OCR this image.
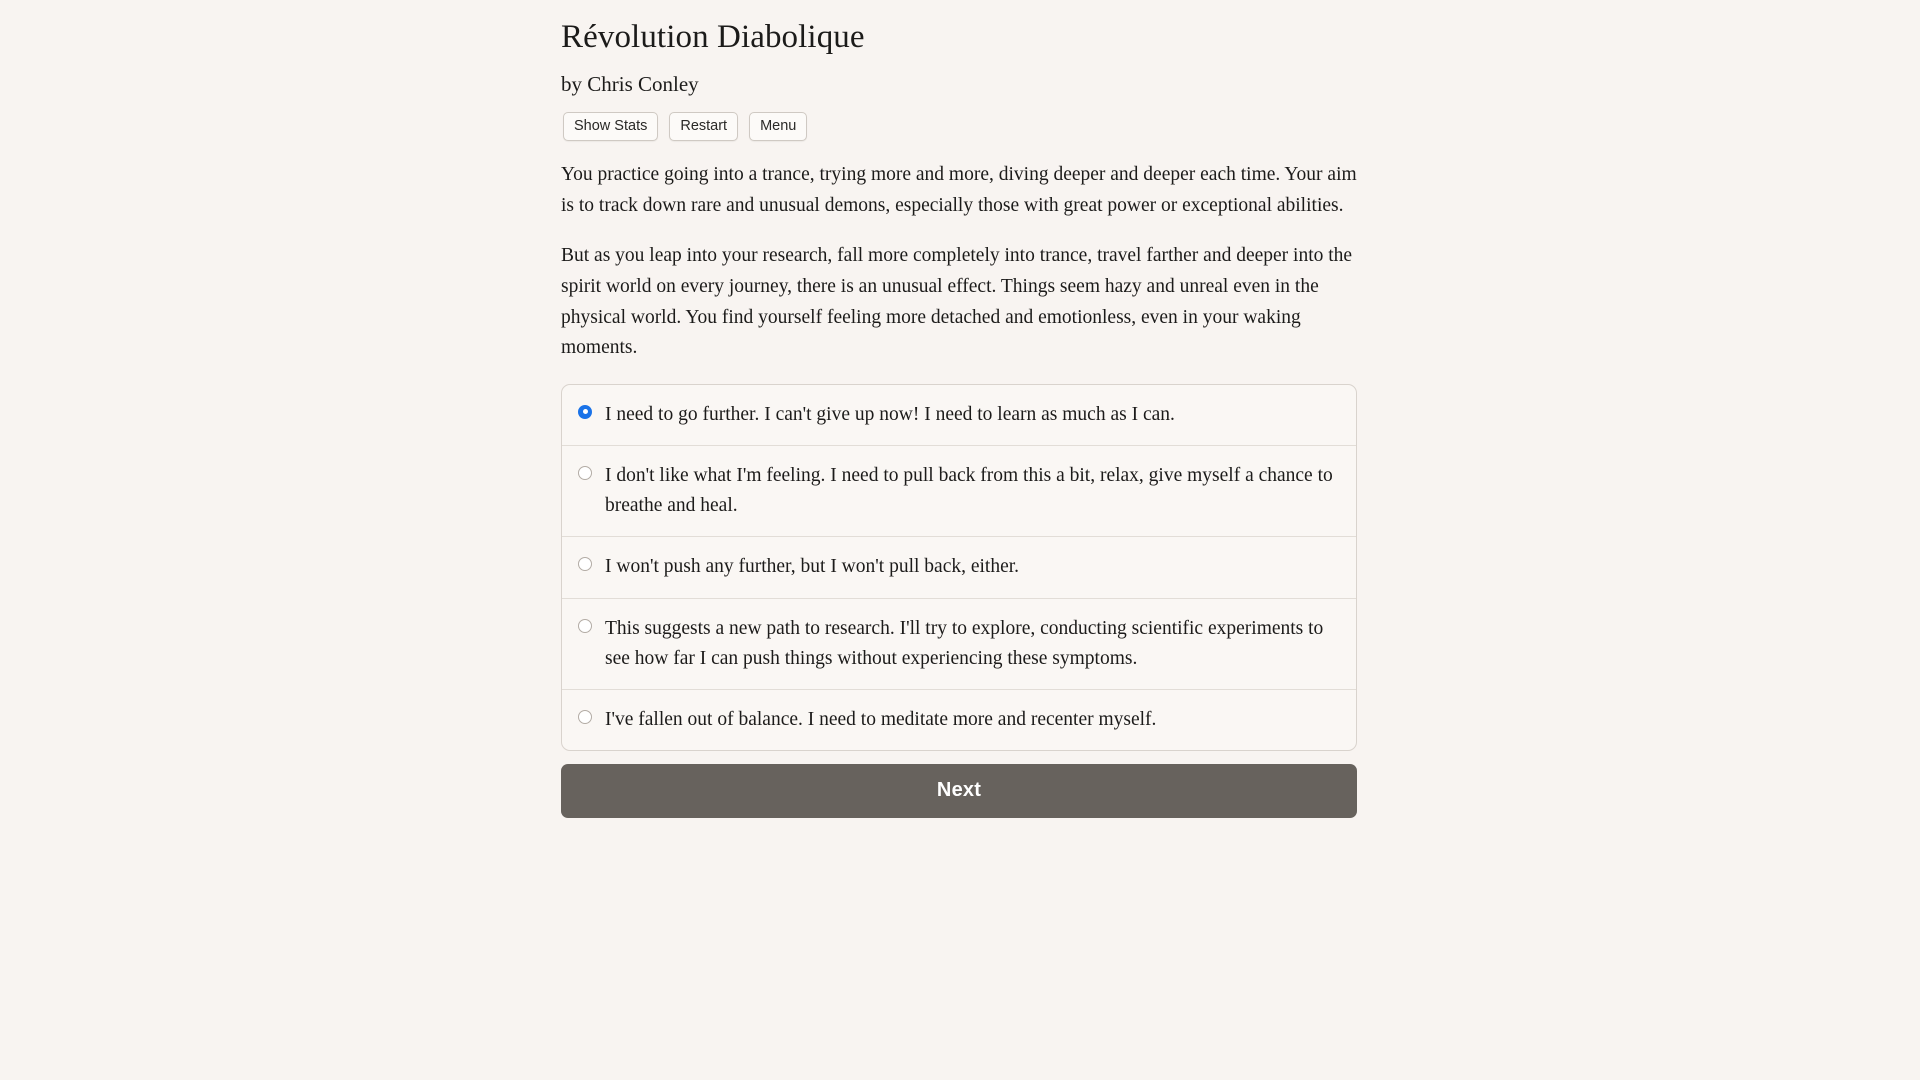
Révolution Diabolique
by Chris Conley
Show Stats	Restart	Menu

You practice going into a trance, trying more and more, diving deeper and deeper each time. Your aim is to track down rare and unusual demons, especially those with great power or exceptional abilities.

But as you leap into your research, fall more completely into trance, travel farther and deeper into the spirit world on every journey, there is an unusual effect. Things seem hazy and unreal even in the physical world. You find yourself feeling more detached and emotionless, even in your waking moments.

I need to go further. I can't give up now! I need to learn as much as I can.
I don't like what I'm feeling. I need to pull back from this a bit, relax, give myself a chance to breathe and heal.
I won't push any further, but I won't pull back, either.
This suggests a new path to research. I'll try to explore, conducting scientific experiments to see how far I can push things without experiencing these symptoms.
I've fallen out of balance. I need to meditate more and recenter myself.
Next
